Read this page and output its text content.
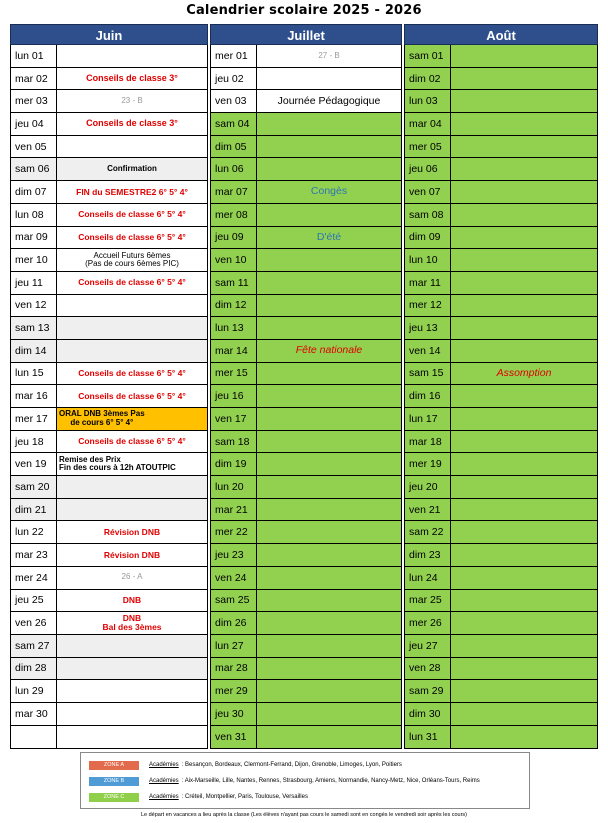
Calendrier scolaire 2025 - 2026
Juin
lun 01
mar 02	Conseils de classe 3°
mer 03	23 - B
jeu 04	Conseils de classe 3°
ven 05
sam 06	Confirmation
dim 07	FIN du SEMESTRE2 6° 5° 4°
lun 08	Conseils de classe 6° 5° 4°
mar 09	Conseils de classe 6° 5° 4°
mer 10	Accueil Futurs 6èmes
(Pas de cours 6èmes PIC)
jeu 11	Conseils de classe 6° 5° 4°
ven 12
sam 13
dim 14
lun 15	Conseils de classe 6° 5° 4°
mar 16	Conseils de classe 6° 5° 4°
mer 17	ORAL DNB 3èmes Pas
de cours 6° 5° 4°
jeu 18	Conseils de classe 6° 5° 4°
ven 19	Remise des Prix
Fin des cours à 12h ATOUTPIC
sam 20
dim 21
lun 22	Révision DNB
mar 23	Révision DNB
mer 24	26 - A
jeu 25	DNB
ven 26	DNB
Bal des 3èmes
sam 27
dim 28
lun 29
mar 30
Juillet
mer 01	27 - B
jeu 02
ven 03	Journée Pédagogique
sam 04
dim 05
lun 06
mar 07	Congès
mer 08
jeu 09	D'été
ven 10
sam 11
dim 12
lun 13
mar 14	Fête nationale
mer 15
jeu 16
ven 17
sam 18
dim 19
lun 20
mar 21
mer 22
jeu 23
ven 24
sam 25
dim 26
lun 27
mar 28
mer 29
jeu 30
ven 31
Août
sam 01
dim 02
lun 03
mar 04
mer 05
jeu 06
ven 07
sam 08
dim 09
lun 10
mar 11
mer 12
jeu 13
ven 14
sam 15	Assomption
dim 16
lun 17
mar 18
mer 19
jeu 20
ven 21
sam 22
dim 23
lun 24
mar 25
mer 26
jeu 27
ven 28
sam 29
dim 30
lun 31
ZONE A	Académies : Besançon, Bordeaux, Clermont-Ferrand, Dijon, Grenoble, Limoges, Lyon, Poitiers
ZONE B	Académies : Aix-Marseille, Lille, Nantes, Rennes, Strasbourg, Amiens, Normandie, Nancy-Metz, Nice, Orléans-Tours, Reims
ZONE C	Académies : Créteil, Montpellier, Paris, Toulouse, Versailles
Le départ en vacances a lieu après la classe (Les élèves n'ayant pas cours le samedi sont en congés le vendredi soir après les cours)
